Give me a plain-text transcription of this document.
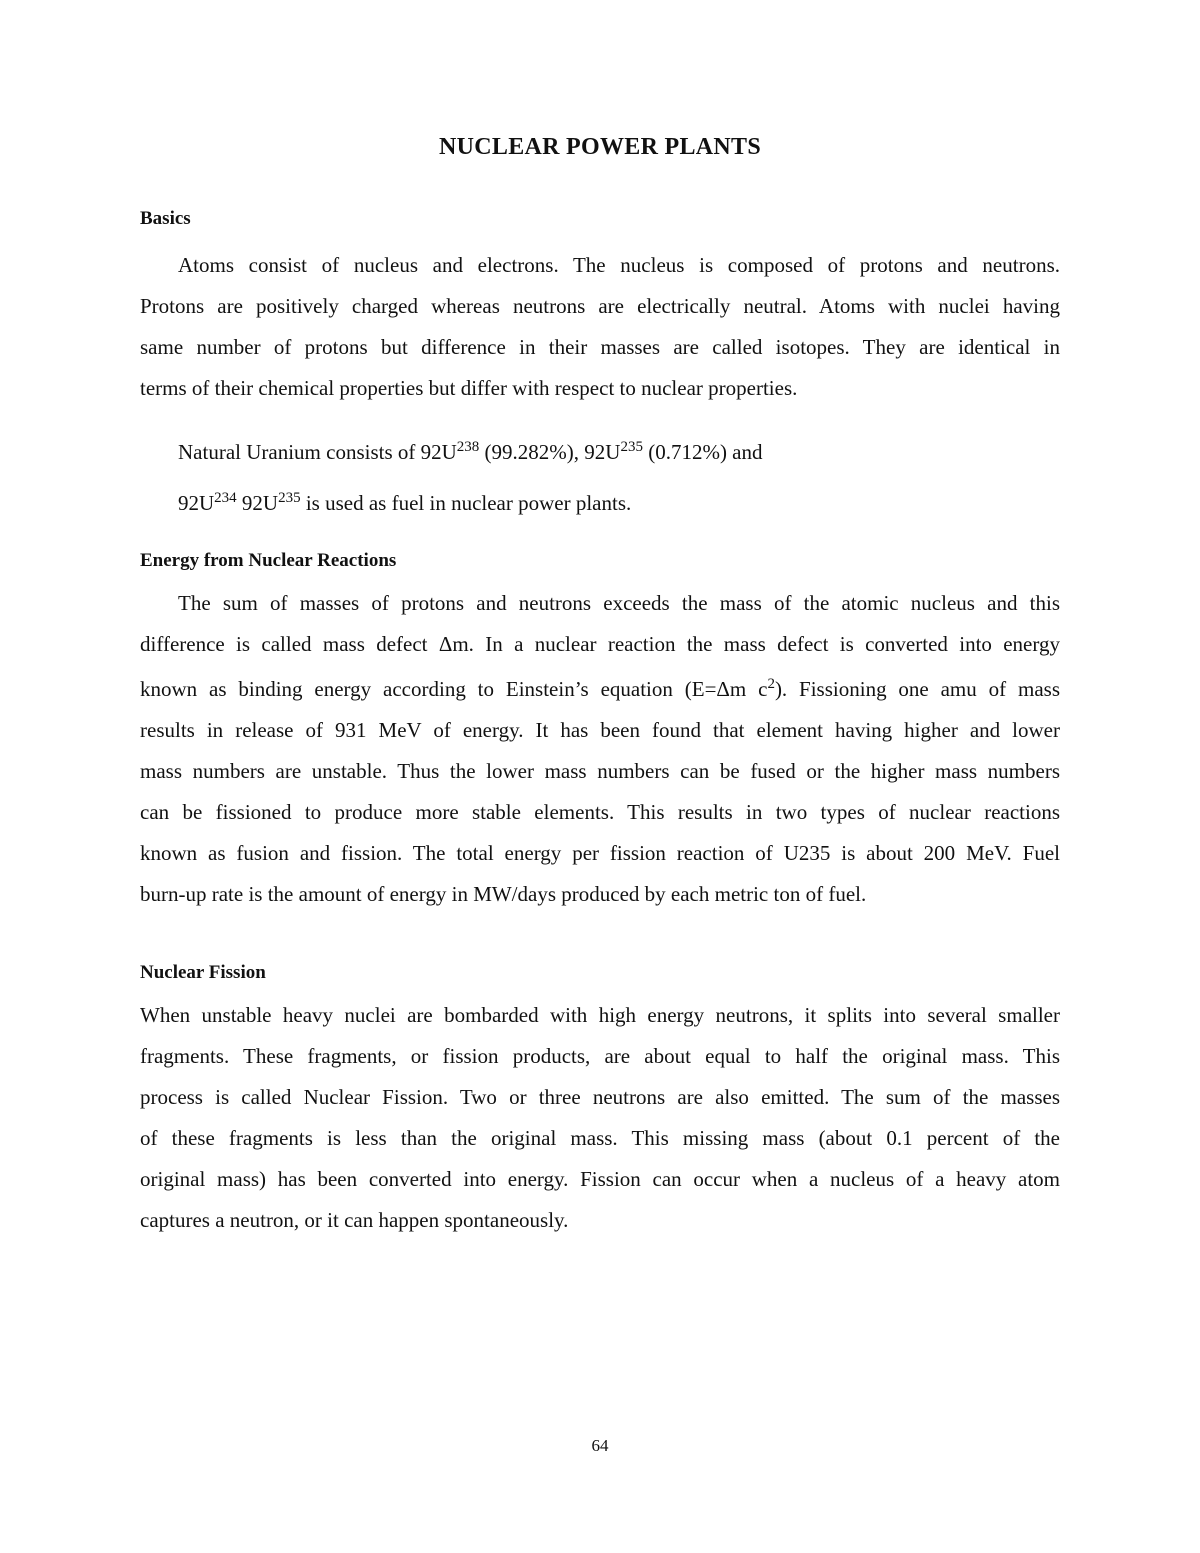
NUCLEAR POWER PLANTS
Basics
Atoms consist of nucleus and electrons. The nucleus is composed of protons and neutrons.
Protons are positively charged whereas neutrons are electrically neutral. Atoms with nuclei having
same number of protons but difference in their masses are called isotopes. They are identical in
terms of their chemical properties but differ with respect to nuclear properties.
Natural Uranium consists of $92U^{238}$ (99.282%), $92U^{235}$ (0.712%) and
$92U^{234}$ $92U^{235}$ is used as fuel in nuclear power plants.
Energy from Nuclear Reactions
The sum of masses of protons and neutrons exceeds the mass of the atomic nucleus and this
difference is called mass defect Δm. In a nuclear reaction the mass defect is converted into energy
known as binding energy according to Einstein’s equation (E=Δm $c^2$). Fissioning one amu of mass
results in release of 931 MeV of energy. It has been found that element having higher and lower
mass numbers are unstable. Thus the lower mass numbers can be fused or the higher mass numbers
can be fissioned to produce more stable elements. This results in two types of nuclear reactions
known as fusion and fission. The total energy per fission reaction of U235 is about 200 MeV. Fuel
burn-up rate is the amount of energy in MW/days produced by each metric ton of fuel.
Nuclear Fission
When unstable heavy nuclei are bombarded with high energy neutrons, it splits into several smaller
fragments. These fragments, or fission products, are about equal to half the original mass. This
process is called Nuclear Fission. Two or three neutrons are also emitted. The sum of the masses
of these fragments is less than the original mass. This missing mass (about 0.1 percent of the
original mass) has been converted into energy. Fission can occur when a nucleus of a heavy atom
captures a neutron, or it can happen spontaneously.
64
